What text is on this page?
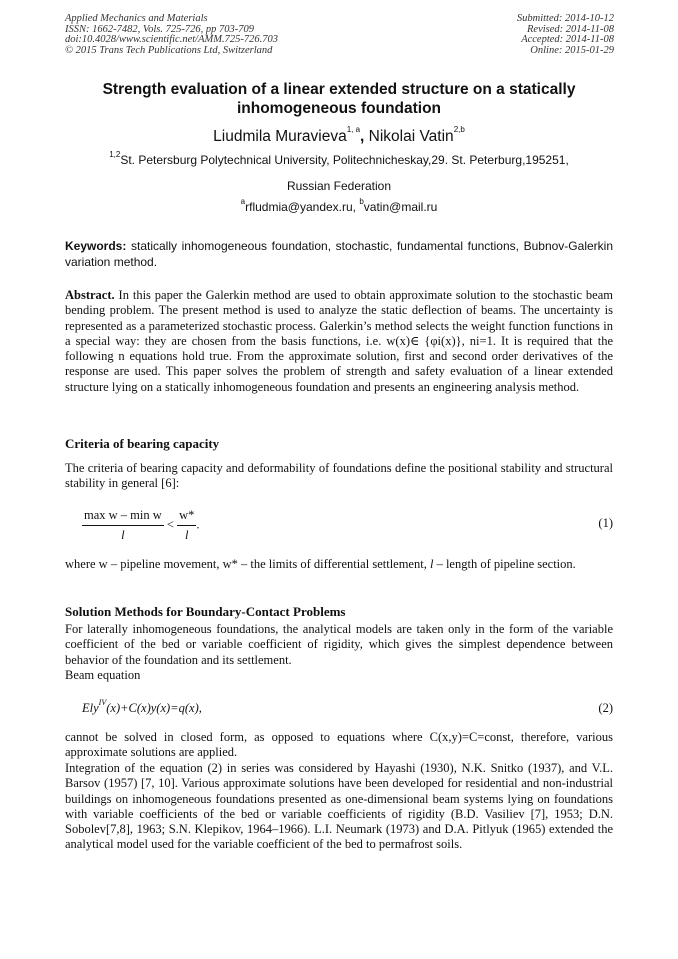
Applied Mechanics and Materials
ISSN: 1662-7482, Vols. 725-726, pp 703-709
doi:10.4028/www.scientific.net/AMM.725-726.703
© 2015 Trans Tech Publications Ltd, Switzerland
Submitted: 2014-10-12
Revised: 2014-11-08
Accepted: 2014-11-08
Online: 2015-01-29
Strength evaluation of a linear extended structure on a statically
inhomogeneous foundation
Liudmila Muravieva$^{1, a}$, Nikolai Vatin$^{2,b}$
$^{1,2}$St. Petersburg Polytechnical University, Politechnicheskay,29. St. Peterburg,195251,
Russian Federation
$^a$rfludmia@yandex.ru, $^b$vatin@mail.ru
Keywords: statically inhomogeneous foundation, stochastic, fundamental functions, Bubnov-Galerkin variation method.
Abstract. In this paper the Galerkin method are used to obtain approximate solution to the stochastic beam bending problem. The present method is used to analyze the static deflection of beams. The uncertainty is represented as a parameterized stochastic process. Galerkin’s method selects the weight function functions in a special way: they are chosen from the basis functions, i.e. w(x)∈ {φi(x)}, ni=1. It is required that the following n equations hold true. From the approximate solution, first and second order derivatives of the response are used. This paper solves the problem of strength and safety evaluation of a linear extended structure lying on a statically inhomogeneous foundation and presents an engineering analysis method.
Criteria of bearing capacity
The criteria of bearing capacity and deformability of foundations define the positional stability and structural stability in general [6]:
$\frac{\text{max w – min w}}{l} < \frac{w*}{l}$ .	(1)
where w – pipeline movement, w* – the limits of differential settlement, l – length of pipeline section.
Solution Methods for Boundary-Contact Problems
For laterally inhomogeneous foundations, the analytical models are taken only in the form of the variable coefficient of the bed or variable coefficient of rigidity, which gives the simplest dependence between behavior of the foundation and its settlement.
Beam equation
Ely$^{IV}$(x)+C(x)y(x)=q(x),	(2)
cannot be solved in closed form, as opposed to equations where C(x,y)=C=const, therefore, various approximate solutions are applied.
Integration of the equation (2) in series was considered by Hayashi (1930), N.K. Snitko (1937), and V.L. Barsov (1957) [7, 10]. Various approximate solutions have been developed for residential and non-industrial buildings on inhomogeneous foundations presented as one-dimensional beam systems lying on foundations with variable coefficients of the bed or variable coefficients of rigidity (B.D. Vasiliev [7], 1953; D.N. Sobolev[7,8], 1963; S.N. Klepikov, 1964–1966). L.I. Neumark (1973) and D.A. Pitlyuk (1965) extended the analytical model used for the variable coefficient of the bed to permafrost soils.
